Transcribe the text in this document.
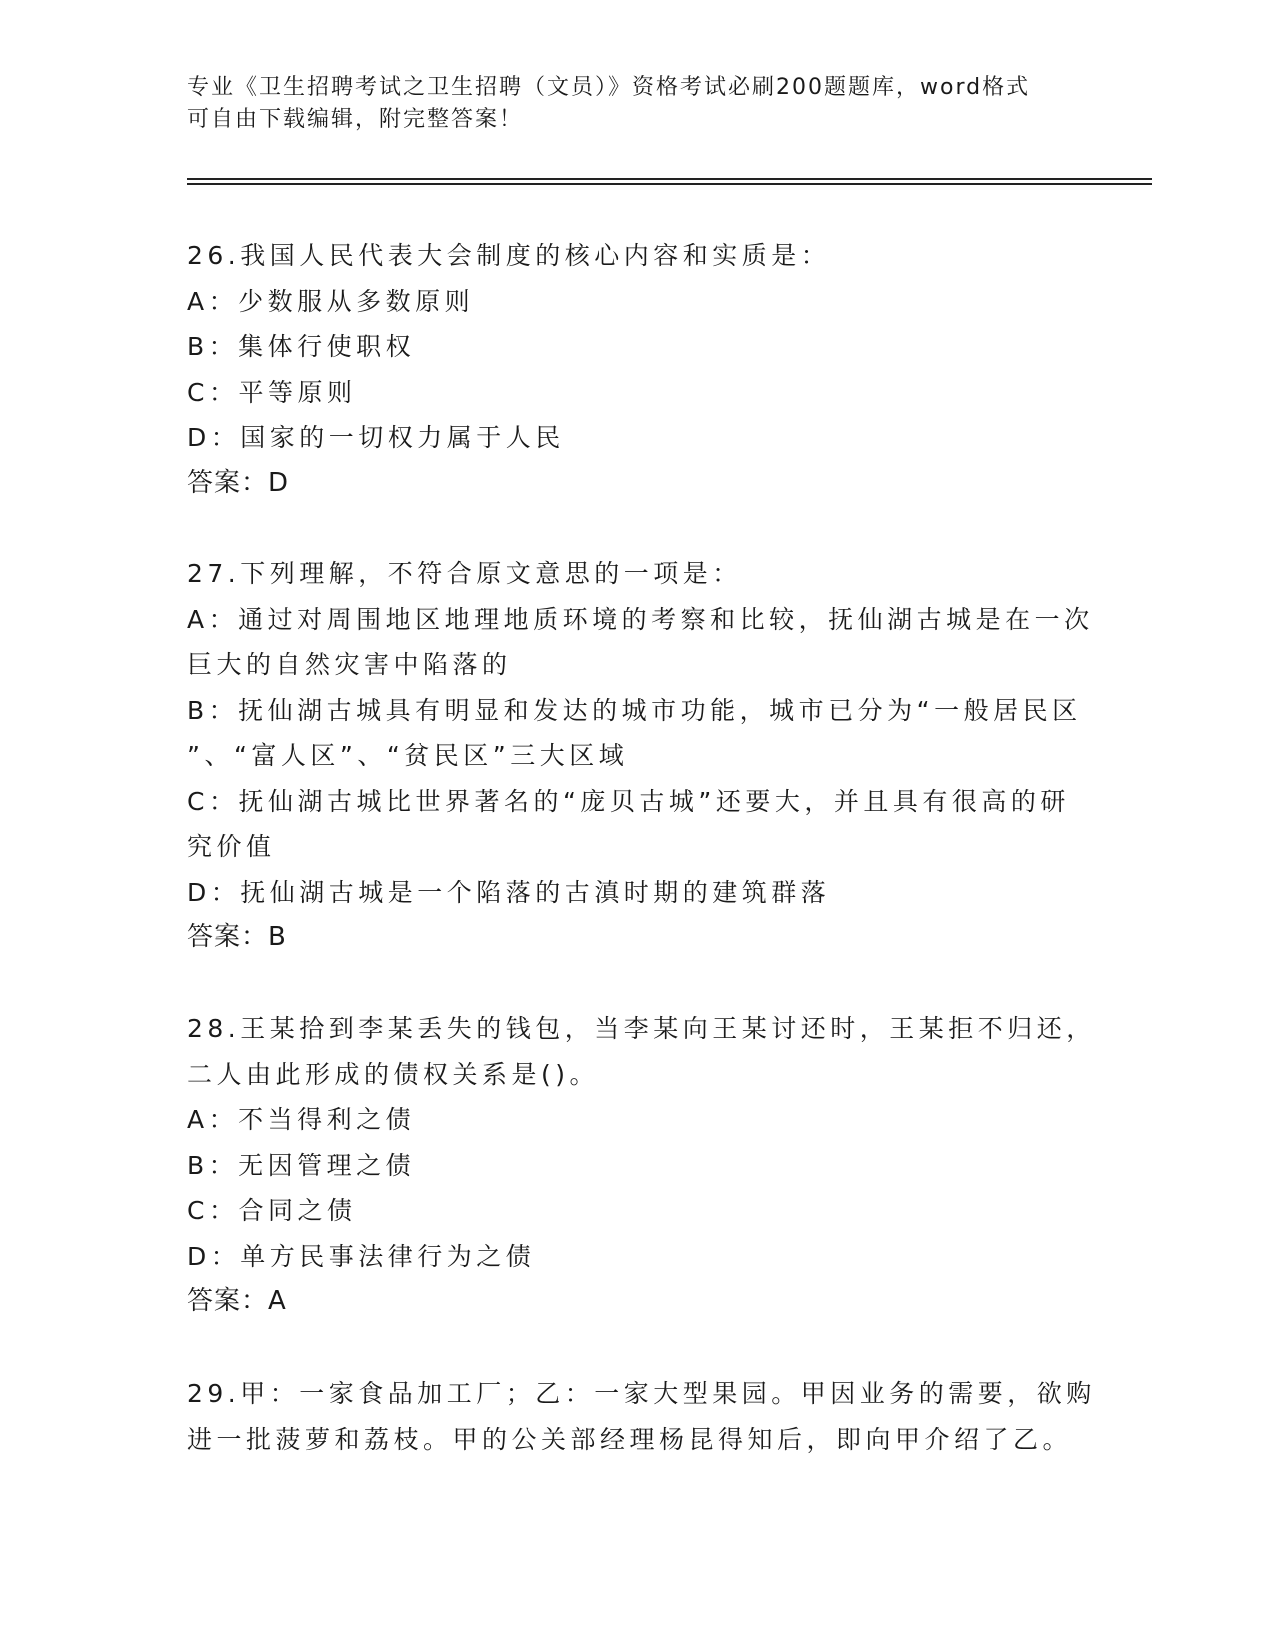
专业《卫生招聘考试之卫生招聘（文员）》资格考试必刷200题题库，word格式
可自由下载编辑，附完整答案！
26.我国人民代表大会制度的核心内容和实质是：
A：少数服从多数原则
B：集体行使职权
C：平等原则
D：国家的一切权力属于人民
答案：D
27.下列理解，不符合原文意思的一项是：
A：通过对周围地区地理地质环境的考察和比较，抚仙湖古城是在一次
巨大的自然灾害中陷落的
B：抚仙湖古城具有明显和发达的城市功能，城市已分为“一般居民区
”、“富人区”、“贫民区”三大区域
C：抚仙湖古城比世界著名的“庞贝古城”还要大，并且具有很高的研
究价值
D：抚仙湖古城是一个陷落的古滇时期的建筑群落
答案：B
28.王某拾到李某丢失的钱包，当李某向王某讨还时，王某拒不归还，
二人由此形成的债权关系是()。
A：不当得利之债
B：无因管理之债
C：合同之债
D：单方民事法律行为之债
答案：A
29.甲：一家食品加工厂；乙：一家大型果园。甲因业务的需要，欲购
进一批菠萝和荔枝。甲的公关部经理杨昆得知后，即向甲介绍了乙。
